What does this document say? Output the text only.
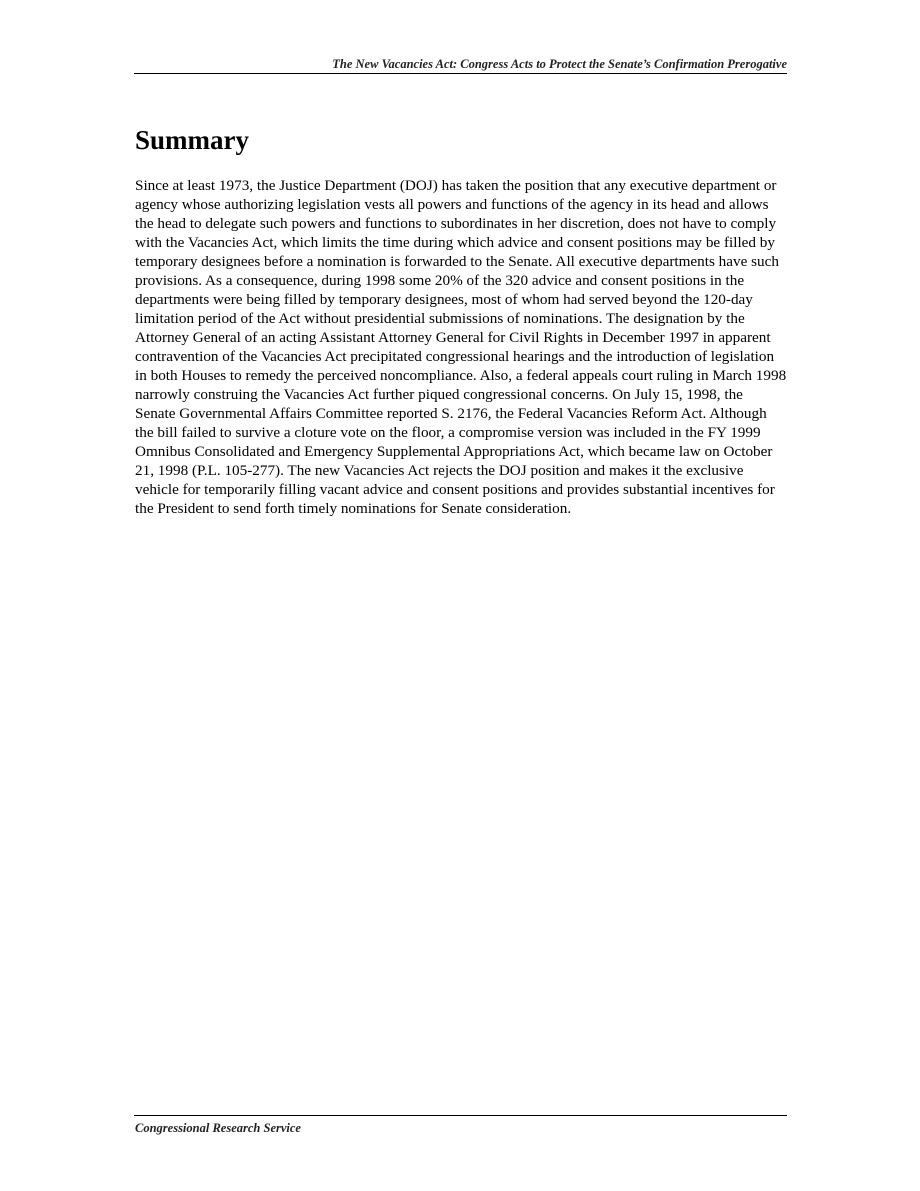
The New Vacancies Act: Congress Acts to Protect the Senate’s Confirmation Prerogative
Summary

Since at least 1973, the Justice Department (DOJ) has taken the position that any executive department or agency whose authorizing legislation vests all powers and functions of the agency in its head and allows the head to delegate such powers and functions to subordinates in her discretion, does not have to comply with the Vacancies Act, which limits the time during which advice and consent positions may be filled by temporary designees before a nomination is forwarded to the Senate. All executive departments have such provisions. As a consequence, during 1998 some 20% of the 320 advice and consent positions in the departments were being filled by temporary designees, most of whom had served beyond the 120-day limitation period of the Act without presidential submissions of nominations. The designation by the Attorney General of an acting Assistant Attorney General for Civil Rights in December 1997 in apparent contravention of the Vacancies Act precipitated congressional hearings and the introduction of legislation in both Houses to remedy the perceived noncompliance. Also, a federal appeals court ruling in March 1998 narrowly construing the Vacancies Act further piqued congressional concerns. On July 15, 1998, the Senate Governmental Affairs Committee reported S. 2176, the Federal Vacancies Reform Act. Although the bill failed to survive a cloture vote on the floor, a compromise version was included in the FY 1999 Omnibus Consolidated and Emergency Supplemental Appropriations Act, which became law on October 21, 1998 (P.L. 105-277). The new Vacancies Act rejects the DOJ position and makes it the exclusive vehicle for temporarily filling vacant advice and consent positions and provides substantial incentives for the President to send forth timely nominations for Senate consideration.

Congressional Research Service
